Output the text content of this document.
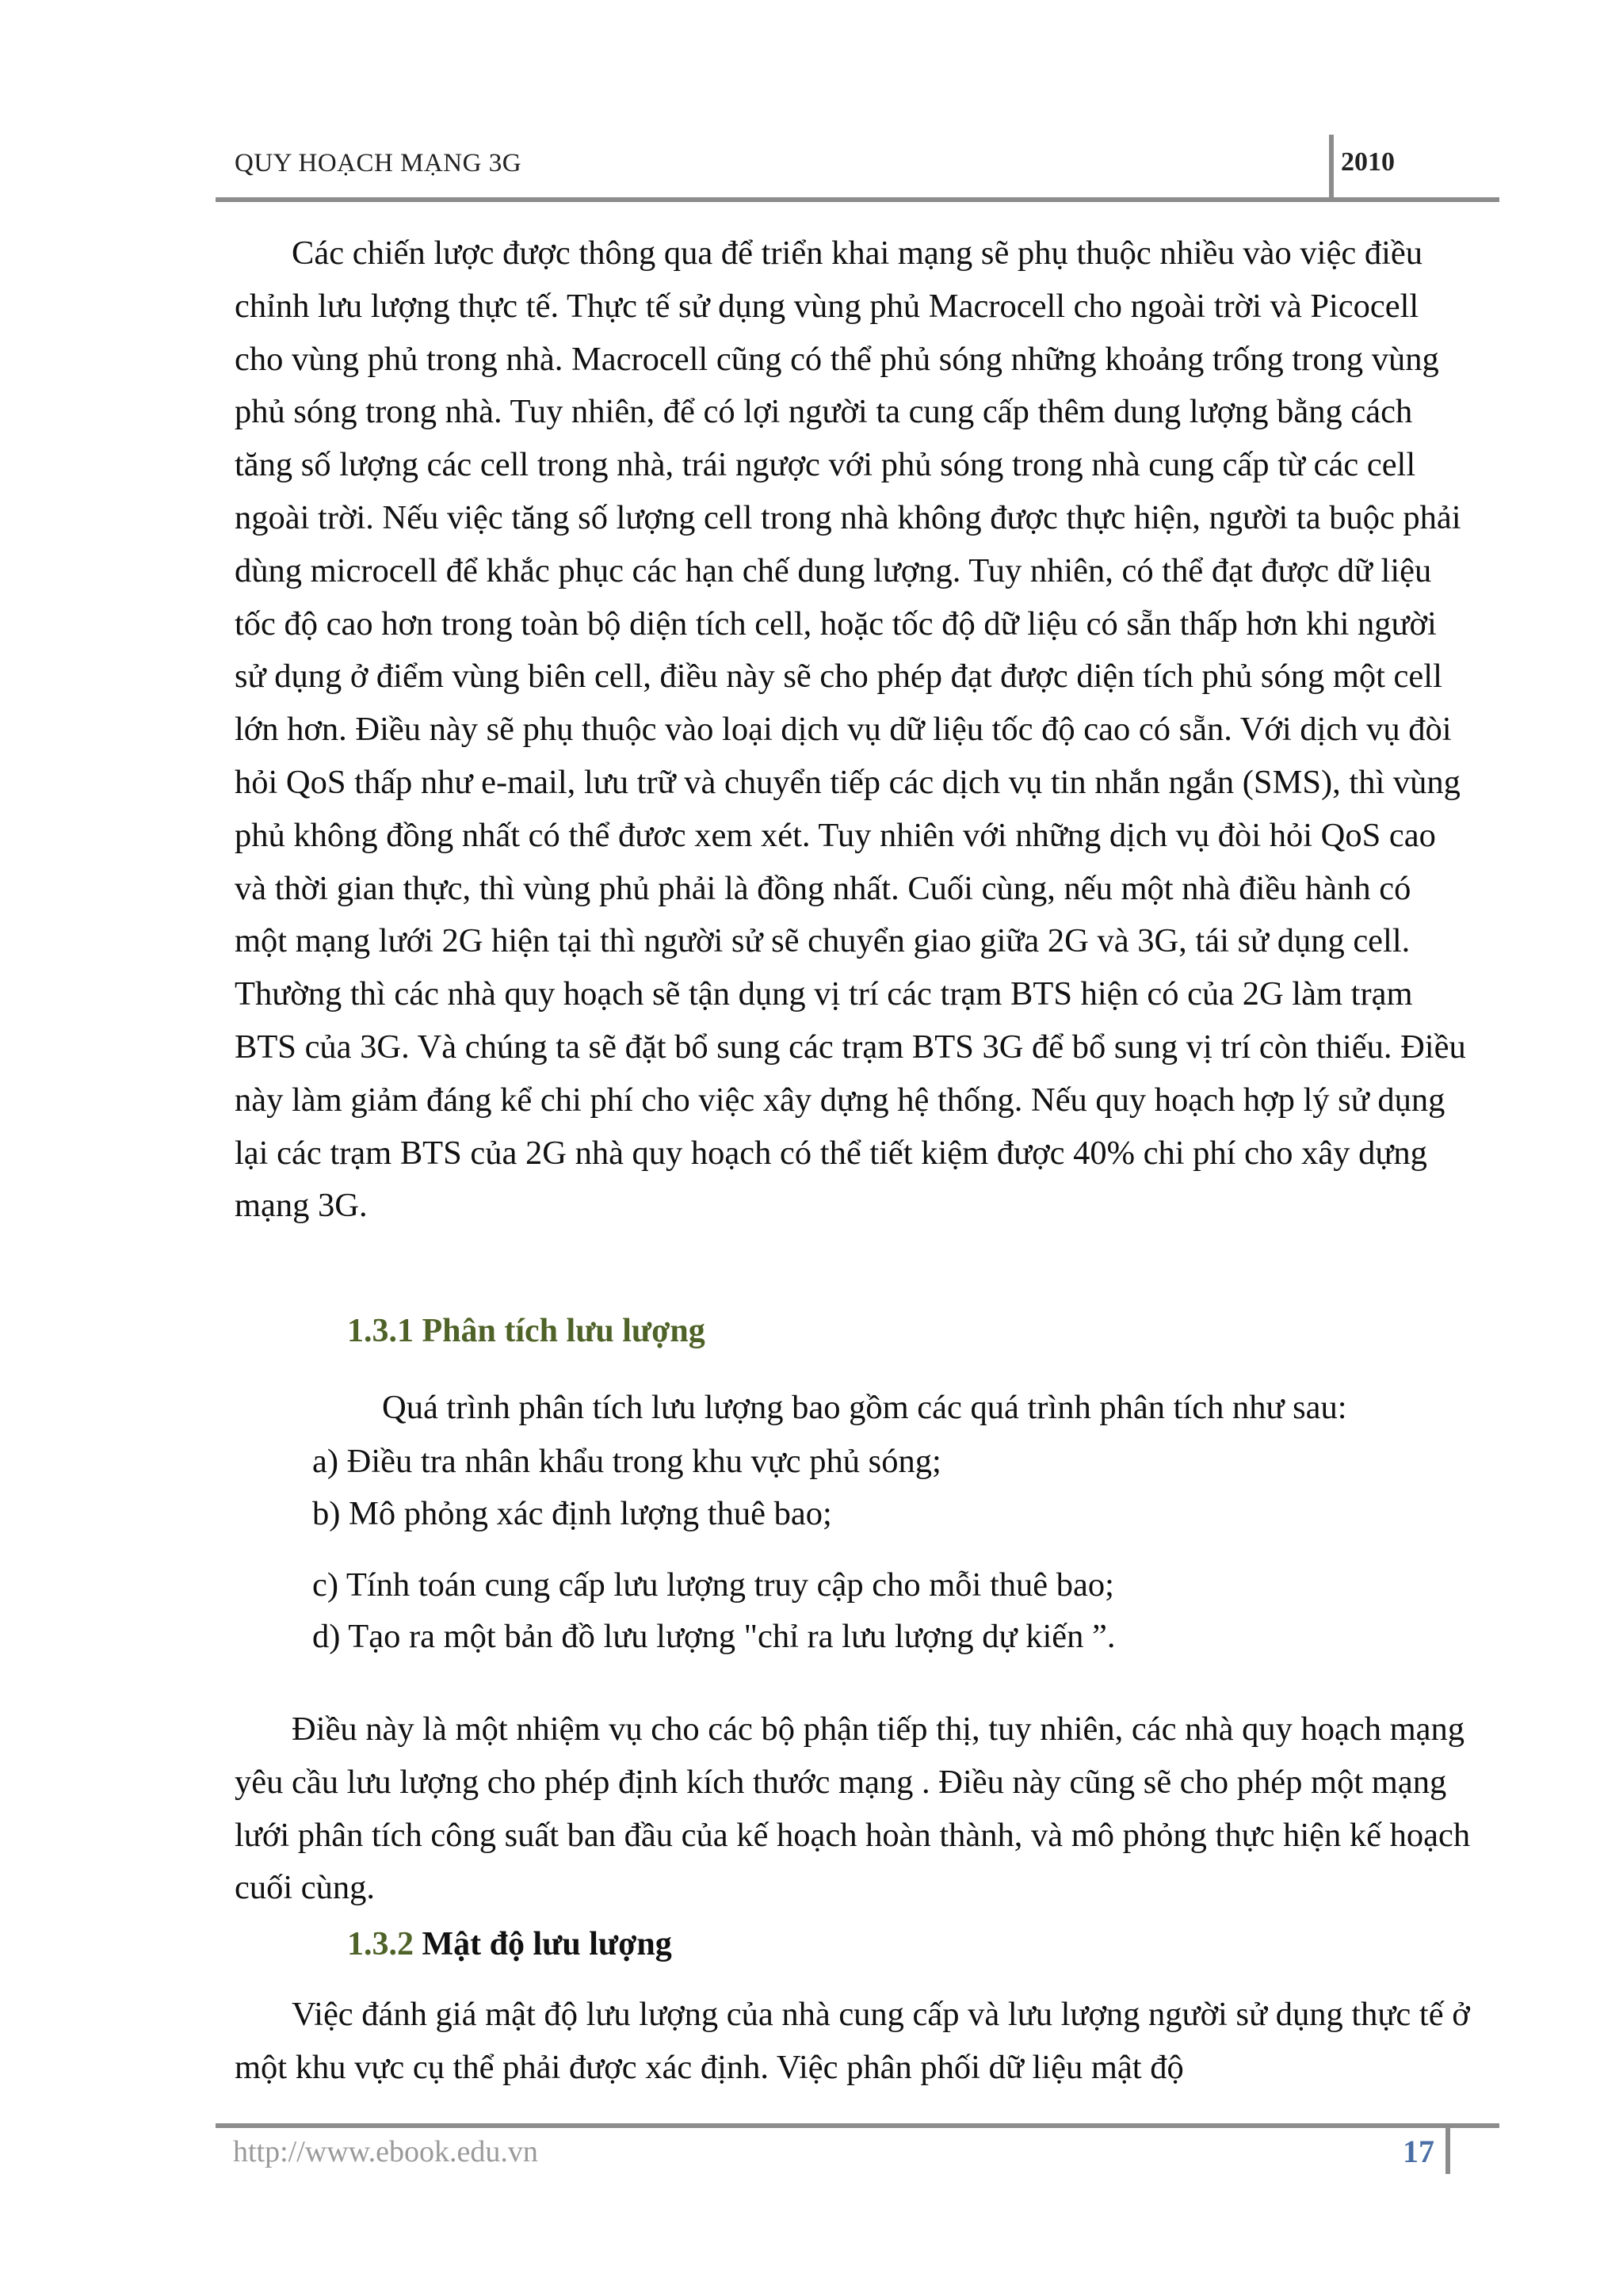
QUY HOẠCH MẠNG 3G	2010

Các chiến lược được thông qua để triển khai mạng sẽ phụ thuộc nhiều vào việc điều chỉnh lưu lượng thực tế. Thực tế sử dụng vùng phủ Macrocell cho ngoài trời và Picocell cho vùng phủ trong nhà. Macrocell cũng có thể phủ sóng những khoảng trống trong vùng phủ sóng trong nhà. Tuy nhiên, để có lợi người ta cung cấp thêm dung lượng bằng cách tăng số lượng các cell trong nhà, trái ngược với phủ sóng trong nhà cung cấp từ các cell ngoài trời. Nếu việc tăng số lượng cell trong nhà không được thực hiện, người ta buộc phải dùng microcell để khắc phục các hạn chế dung lượng. Tuy nhiên, có thể đạt được dữ liệu tốc độ cao hơn trong toàn bộ diện tích cell, hoặc tốc độ dữ liệu có sẵn thấp hơn khi người sử dụng ở điểm vùng biên cell, điều này sẽ cho phép đạt được diện tích phủ sóng một cell lớn hơn. Điều này sẽ phụ thuộc vào loại dịch vụ dữ liệu tốc độ cao có sẵn. Với dịch vụ đòi hỏi QoS thấp như e-mail, lưu trữ và chuyển tiếp các dịch vụ tin nhắn ngắn (SMS), thì vùng phủ không đồng nhất có thể đươc xem xét. Tuy nhiên với những dịch vụ đòi hỏi QoS cao và thời gian thực, thì vùng phủ phải là đồng nhất. Cuối cùng, nếu một nhà điều hành có một mạng lưới 2G hiện tại thì người sử sẽ chuyển giao giữa 2G và 3G, tái sử dụng cell. Thường thì các nhà quy hoạch sẽ tận dụng vị trí các trạm BTS hiện có của 2G làm trạm BTS của 3G. Và chúng ta sẽ đặt bổ sung các trạm BTS 3G để bổ sung vị trí còn thiếu. Điều này làm giảm đáng kể chi phí cho việc xây dựng hệ thống. Nếu quy hoạch hợp lý sử dụng lại các trạm BTS của 2G nhà quy hoạch có thể tiết kiệm được 40% chi phí cho xây dựng mạng 3G.

1.3.1 Phân tích lưu lượng
Quá trình phân tích lưu lượng bao gồm các quá trình phân tích như sau:
a) Điều tra nhân khẩu trong khu vực phủ sóng;
b) Mô phỏng xác định lượng thuê bao;
c) Tính toán cung cấp lưu lượng truy cập cho mỗi thuê bao;
d) Tạo ra một bản đồ lưu lượng "chỉ ra lưu lượng dự kiến ”.

Điều này là một nhiệm vụ cho các bộ phận tiếp thị, tuy nhiên, các nhà quy hoạch mạng yêu cầu lưu lượng cho phép định kích thước mạng . Điều này cũng sẽ cho phép một mạng lưới phân tích công suất ban đầu của kế hoạch hoàn thành, và mô phỏng thực hiện kế hoạch cuối cùng.

1.3.2 Mật độ lưu lượng

Việc đánh giá mật độ lưu lượng của nhà cung cấp và lưu lượng người sử dụng thực tế ở một khu vực cụ thể phải được xác định. Việc phân phối dữ liệu mật độ

http://www.ebook.edu.vn	17
